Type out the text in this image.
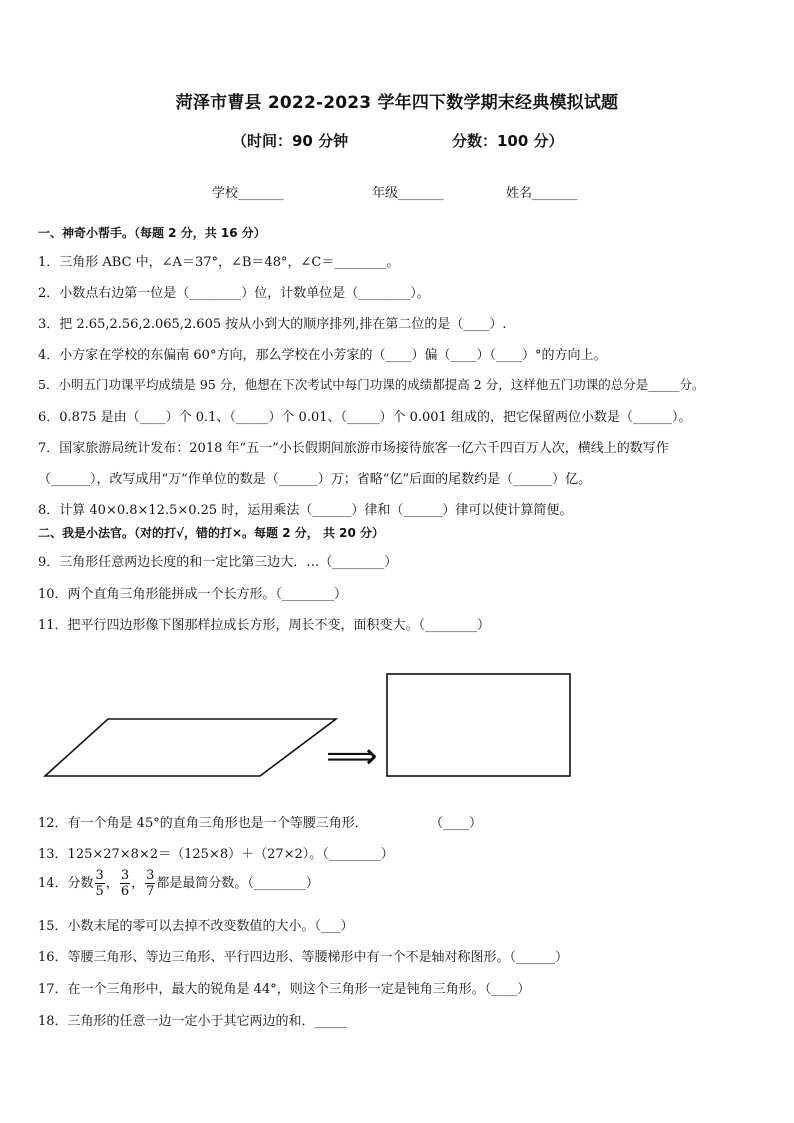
菏泽市曹县 2022-2023 学年四下数学期末经典模拟试题
（时间：90 分钟	分数：100 分）
学校_______	年级_______	姓名_______
一、神奇小帮手。（每题 2 分，共 16 分）
1．三角形 ABC 中，∠A＝37°，∠B＝48°，∠C＝________。
2．小数点右边第一位是（________）位，计数单位是（________）。
3．把 2.65,2.56,2.065,2.605 按从小到大的顺序排列,排在第二位的是（____）.
4．小方家在学校的东偏南 60°方向，那么学校在小芳家的（____）偏（____）（____）°的方向上。
5．小明五门功课平均成绩是 95 分，他想在下次考试中每门功课的成绩都提高 2 分，这样他五门功课的总分是_____分。
6．0.875 是由（____）个 0.1、（_____）个 0.01、（_____）个 0.001 组成的，把它保留两位小数是（______）。
7．国家旅游局统计发布：2018 年“五一”小长假期间旅游市场接待旅客一亿六千四百万人次，横线上的数写作
（______），改写成用“万”作单位的数是（______）万；省略“亿”后面的尾数约是（______）亿。
8．计算 40×0.8×12.5×0.25 时，运用乘法（______）律和（______）律可以使计算简便。
二、我是小法官。（对的打√，错的打×。每题 2 分， 共 20 分）
9．三角形任意两边长度的和一定比第三边大．…（________）
10．两个直角三角形能拼成一个长方形。（________）
11．把平行四边形像下图那样拉成长方形，周长不变，面积变大。（________）
⟹
12．有一个角是 45°的直角三角形也是一个等腰三角形．	（____）
13．125×27×8×2＝（125×8）＋（27×2）。（________）
14．分数 $\frac{3}{5}$ ， $\frac{3}{6}$ ， $\frac{3}{7}$ 都是最简分数。（________）
15．小数末尾的零可以去掉不改变数值的大小。（___）
16．等腰三角形、等边三角形、平行四边形、等腰梯形中有一个不是轴对称图形。（______）
17．在一个三角形中，最大的锐角是 44°，则这个三角形一定是钝角三角形。（____）
18．三角形的任意一边一定小于其它两边的和．_____
